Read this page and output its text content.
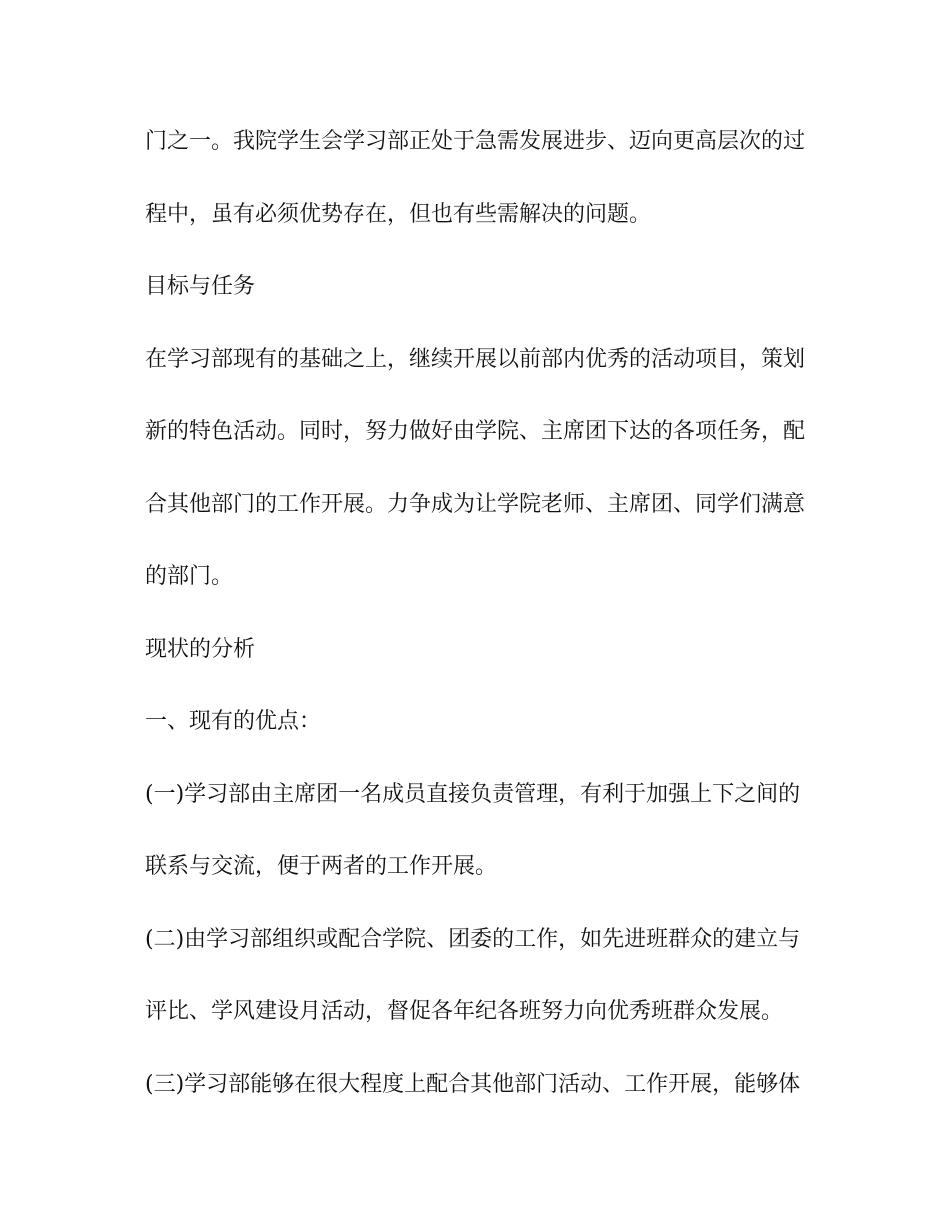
门之一。我院学生会学习部正处于急需发展进步、迈向更高层次的过
程中，虽有必须优势存在，但也有些需解决的问题。
目标与任务
在学习部现有的基础之上，继续开展以前部内优秀的活动项目，策划
新的特色活动。同时，努力做好由学院、主席团下达的各项任务，配
合其他部门的工作开展。力争成为让学院老师、主席团、同学们满意
的部门。
现状的分析
一、现有的优点：
(一)学习部由主席团一名成员直接负责管理，有利于加强上下之间的
联系与交流，便于两者的工作开展。
(二)由学习部组织或配合学院、团委的工作，如先进班群众的建立与
评比、学风建设月活动，督促各年纪各班努力向优秀班群众发展。
(三)学习部能够在很大程度上配合其他部门活动、工作开展，能够体
